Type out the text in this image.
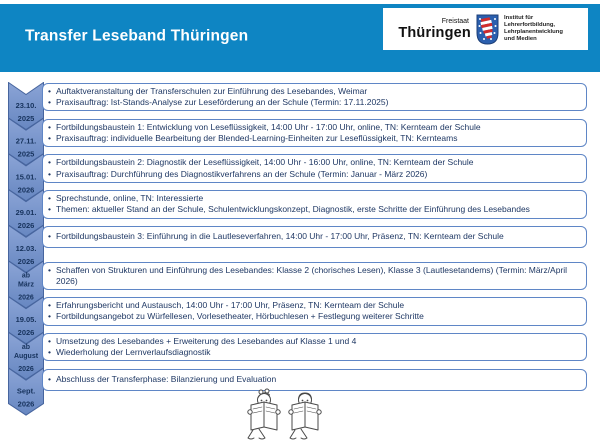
Transfer Leseband Thüringen
Freistaat
Thüringen
Institut für Lehrerfortbildung,
Lehrplanentwicklung
und Medien
23.10.
2025
27.11.
2025
15.01.
2026
29.01.
2026
12.03.
2026
ab
März
2026
19.05.
2026
ab
August
2026
Sept.
2026
• Auftaktveranstaltung der Transferschulen zur Einführung des Lesebandes, Weimar
• Praxisauftrag: Ist-Stands-Analyse zur Leseförderung an der Schule (Termin: 17.11.2025)
• Fortbildungsbaustein 1: Entwicklung von Leseflüssigkeit, 14:00 Uhr - 17:00 Uhr, online, TN: Kernteam der Schule
• Praxisauftrag: individuelle Bearbeitung der Blended-Learning-Einheiten zur Leseflüssigkeit, TN: Kernteams
• Fortbildungsbaustein 2: Diagnostik der Leseflüssigkeit, 14:00 Uhr - 16:00 Uhr, online, TN: Kernteam der Schule
• Praxisauftrag: Durchführung des Diagnostikverfahrens an der Schule (Termin: Januar - März 2026)
• Sprechstunde, online, TN: Interessierte
• Themen: aktueller Stand an der Schule, Schulentwicklungskonzept, Diagnostik, erste Schritte der Einführung des Lesebandes
• Fortbildungsbaustein 3: Einführung in die Lautleseverfahren, 14:00 Uhr - 17:00 Uhr, Präsenz, TN: Kernteam der Schule
• Schaffen von Strukturen und Einführung des Lesebandes: Klasse 2 (chorisches Lesen), Klasse 3 (Lautlesetandems) (Termin: März/April 2026)
• Erfahrungsbericht und Austausch, 14:00 Uhr - 17:00 Uhr, Präsenz, TN: Kernteam der Schule
• Fortbildungsangebot zu Würfellesen, Vorlesetheater, Hörbuchlesen + Festlegung weiterer Schritte
• Umsetzung des Lesebandes + Erweiterung des Lesebandes auf Klasse 1 und 4
• Wiederholung der Lernverlaufsdiagnostik
• Abschluss der Transferphase: Bilanzierung und Evaluation
